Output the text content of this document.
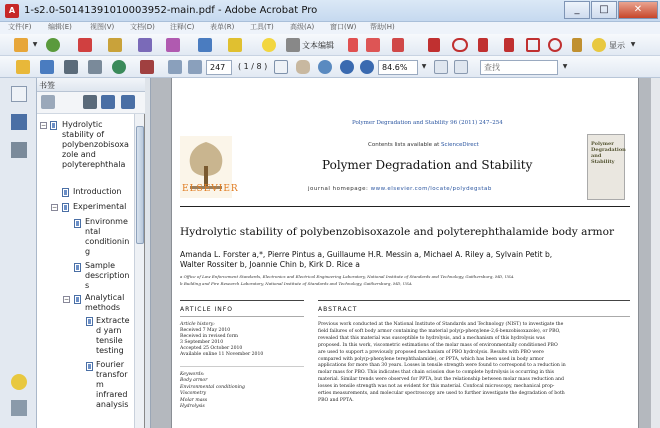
A 1-s2.0-S0141391010003952-main.pdf - Adobe Acrobat Pro	_	□	✕
文件(F) 编辑(E)	视图(V) 文档(D) 注释(C) 表单(R) 工具(T) 高级(A) 窗口(W) 帮助(H)
▼	文本编辑	显示 ▼
247	( 1 / 8 )	84.6%	▼	查找	▼
书签
− Hydrolytic
stability of
polybenzobisoxa
zole and
polyterephthala
Introduction
− Experimental
Environme
ntal
conditionin
g
Sample
description
s
− Analytical
methods
Extracte
d yarn
tensile
testing
Fourier
transfor
m
infrared
analysis
Polymer Degradation and Stability 96 (2011) 247–254
Contents lists available at ScienceDirect
ELSEVIER
Polymer Degradation and Stability
journal homepage: www.elsevier.com/locate/polydegstab
Polymer
Degradation
and
Stability
Hydrolytic stability of polybenzobisoxazole and polyterephthalamide body armor
Amanda L. Forster a,*, Pierre Pintus a, Guillaume H.R. Messin a, Michael A. Riley a, Sylvain Petit b,
Walter Rossiter b, Joannie Chin b, Kirk D. Rice a
a Office of Law Enforcement Standards, Electronics and Electrical Engineering Laboratory, National Institute of Standards and Technology, Gaithersburg, MD, USA
b Building and Fire Research Laboratory, National Institute of Standards and Technology, Gaithersburg, MD, USA
ARTICLE INFO	ABSTRACT
Article history:
Received 7 May 2010
Received in revised form
3 September 2010
Accepted 25 October 2010
Available online 11 November 2010
Keywords:
Body armor
Environmental conditioning
Viscometry
Molar mass
Hydrolysis
Previous work conducted at the National Institute of Standards and Technology (NIST) to investigate the
field failures of soft body armor containing the material poly(p-phenylene-2,6-benzobisoxazole), or PBO,
revealed that this material was susceptible to hydrolysis, and a mechanism of this hydrolysis was
proposed. In this work, viscometric estimations of the molar mass of environmentally conditioned PBO
are used to support a previously proposed mechanism of PBO hydrolysis. Results with PBO were
compared with poly(p-phenylene terephthalamide), or PPTA, which has been used in body armor
applications for more than 30 years. Losses in tensile strength were found to correspond to a reduction in
molar mass for PBO. This indicates that chain scission due to complete hydrolysis is occurring in this
material. Similar trends were observed for PPTA, but the relationship between molar mass reduction and
losses in tensile strength was not as evident for this material. Confocal microscopy, mechanical prop-
erties measurements, and molecular spectroscopy are used to further investigate the degradation of both
PBO and PPTA.
